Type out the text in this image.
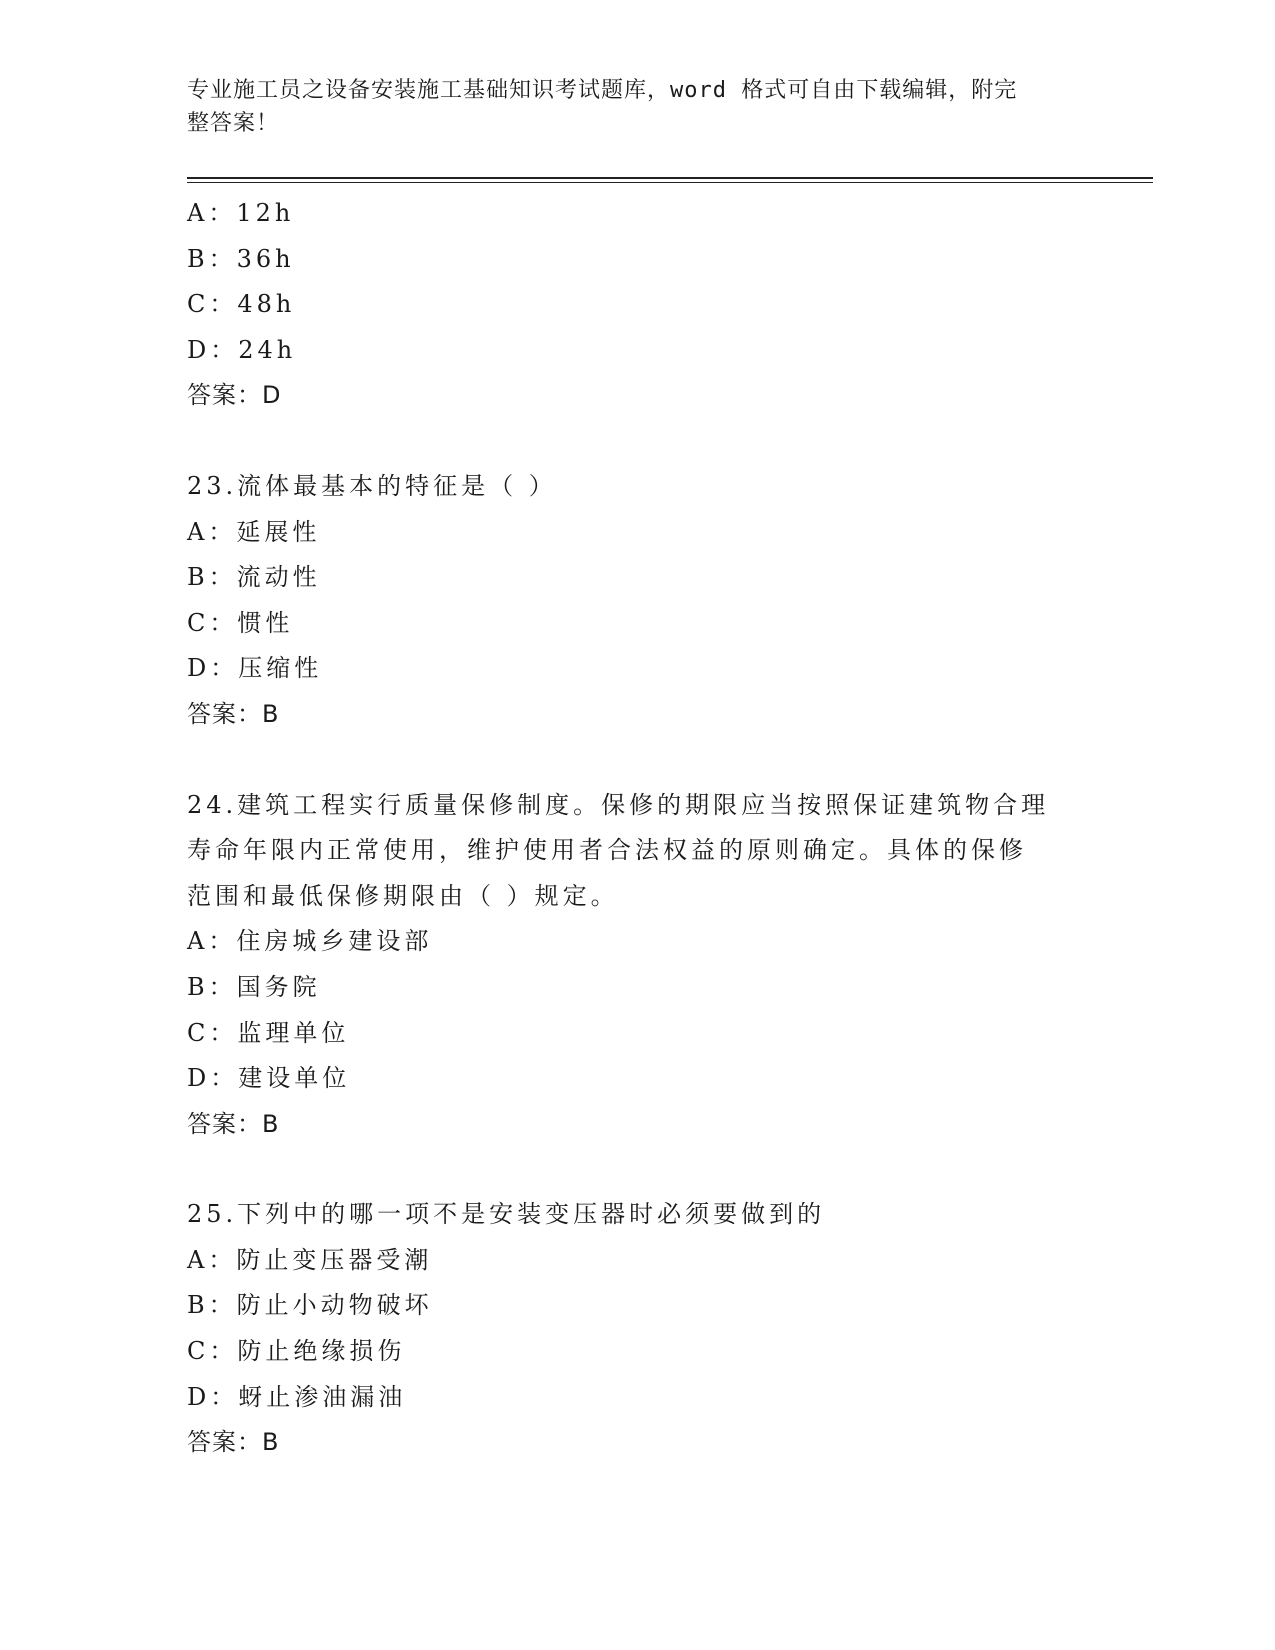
专业施工员之设备安装施工基础知识考试题库，word 格式可自由下载编辑，附完
整答案！
A：12h
B：36h
C：48h
D：24h
答案：D
23.流体最基本的特征是（ ）
A：延展性
B：流动性
C：惯性
D：压缩性
答案：B
24.建筑工程实行质量保修制度。保修的期限应当按照保证建筑物合理
寿命年限内正常使用，维护使用者合法权益的原则确定。具体的保修
范围和最低保修期限由（ ）规定。
A：住房城乡建设部
B：国务院
C：监理单位
D：建设单位
答案：B
25.下列中的哪一项不是安装变压器时必须要做到的
A：防止变压器受潮
B：防止小动物破坏
C：防止绝缘损伤
D：蚜止渗油漏油
答案：B
